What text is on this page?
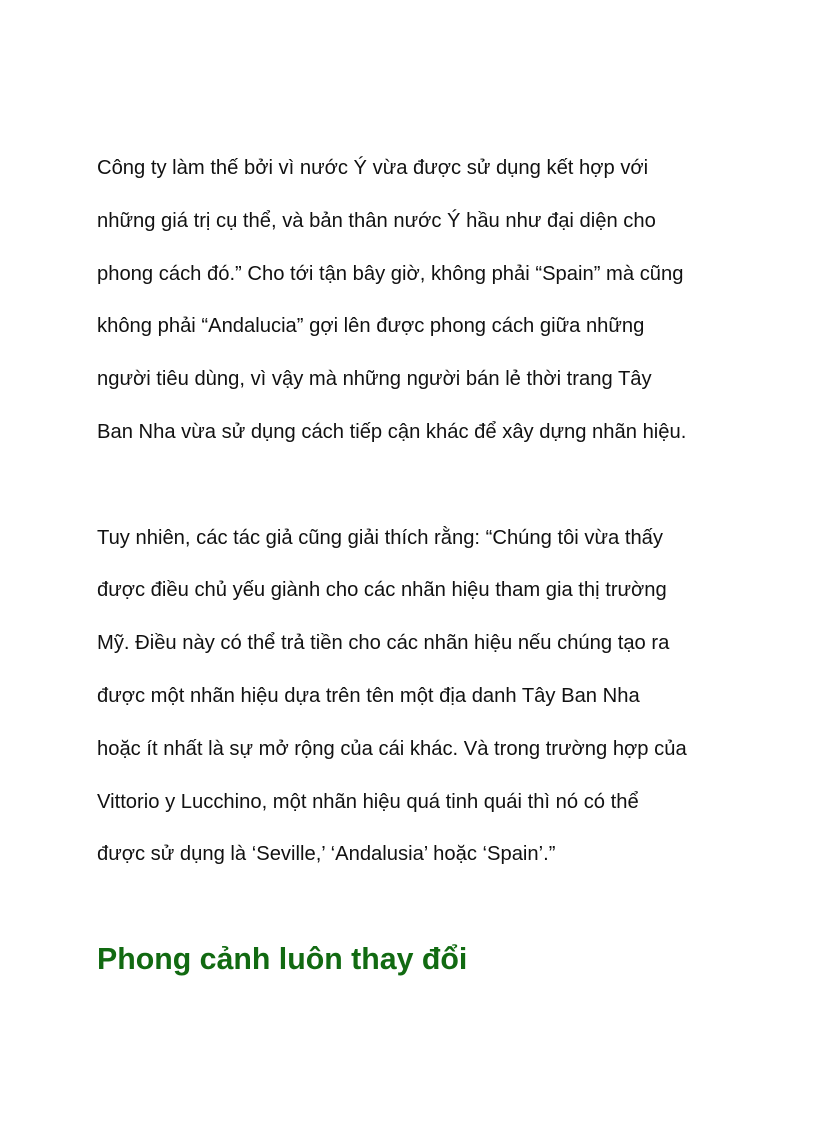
Công ty làm thế bởi vì nước Ý vừa được sử dụng kết hợp với
những giá trị cụ thể, và bản thân nước Ý hầu như đại diện cho
phong cách đó.” Cho tới tận bây giờ, không phải “Spain” mà cũng
không phải “Andalucia” gợi lên được phong cách giữa những
người tiêu dùng, vì vậy mà những người bán lẻ thời trang Tây
Ban Nha vừa sử dụng cách tiếp cận khác để xây dựng nhãn hiệu.
Tuy nhiên, các tác giả cũng giải thích rằng: “Chúng tôi vừa thấy
được điều chủ yếu giành cho các nhãn hiệu tham gia thị trường
Mỹ. Điều này có thể trả tiền cho các nhãn hiệu nếu chúng tạo ra
được một nhãn hiệu dựa trên tên một địa danh Tây Ban Nha
hoặc ít nhất là sự mở rộng của cái khác. Và trong trường hợp của
Vittorio y Lucchino, một nhãn hiệu quá tinh quái thì nó có thể
được sử dụng là ‘Seville,’ ‘Andalusia’ hoặc ‘Spain’.”
Phong cảnh luôn thay đổi
